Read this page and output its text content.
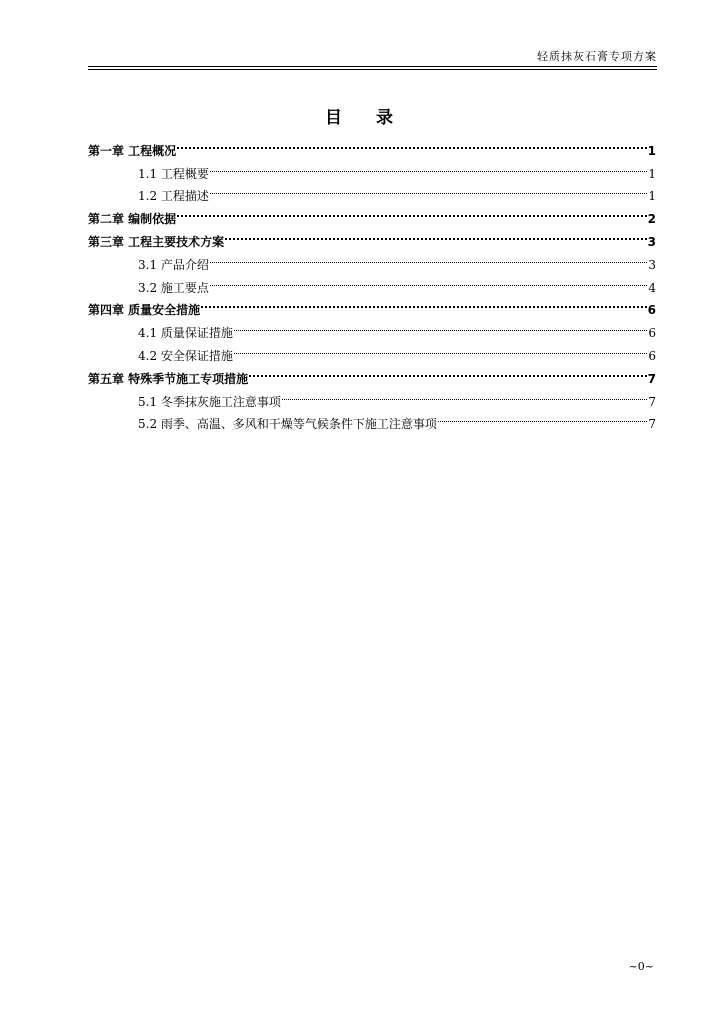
轻质抹灰石膏专项方案
目 录
第一章 工程概况	1
1.1 工程概要	1
1.2 工程描述	1
第二章 编制依据	2
第三章 工程主要技术方案	3
3.1 产品介绍	3
3.2 施工要点	4
第四章 质量安全措施	6
4.1 质量保证措施	6
4.2 安全保证措施	6
第五章 特殊季节施工专项措施	7
5.1 冬季抹灰施工注意事项	7
5.2 雨季、高温、多风和干燥等气候条件下施工注意事项	7
~0~
